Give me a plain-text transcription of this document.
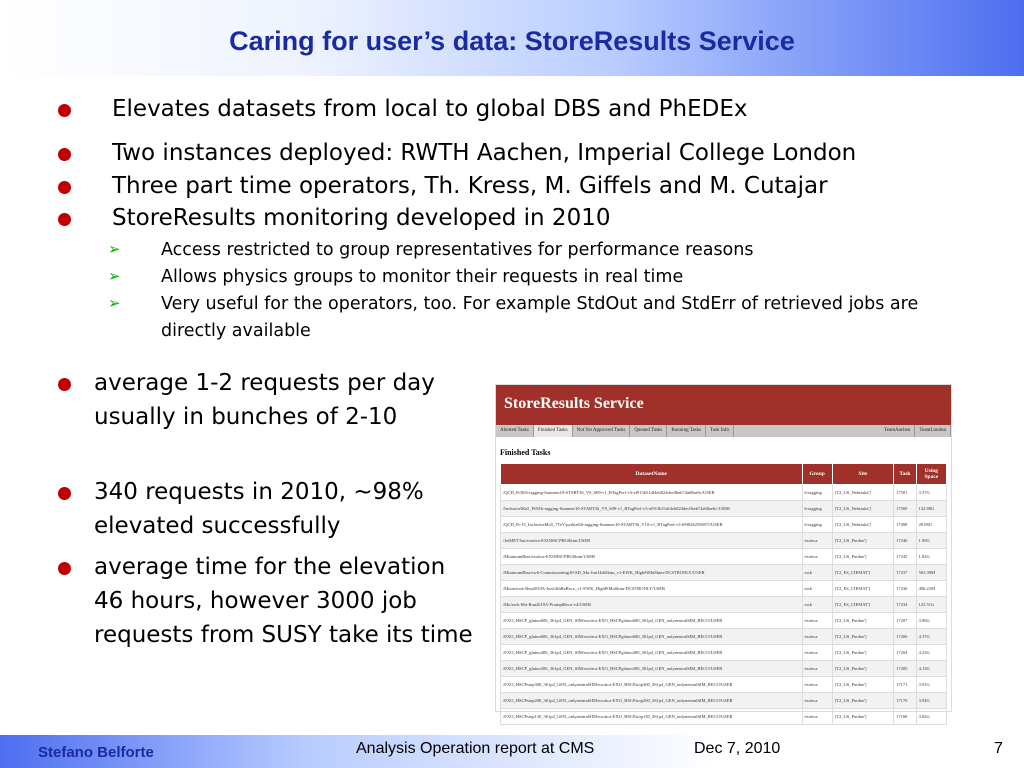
Caring for user’s data: StoreResults Service
Elevates datasets from local to global DBS and PhEDEx
Two instances deployed: RWTH Aachen, Imperial College London
Three part time operators, Th. Kress, M. Giffels and M. Cutajar
StoreResults monitoring developed in 2010
➢ Access restricted to group representatives for performance reasons
➢ Allows physics groups to monitor their requests in real time
➢ Very useful for the operators, too. For example StdOut and StdErr of retrieved jobs are directly available
average 1-2 requests per day usually in bunches of 2-10
340 requests in 2010, ~98% elevated successfully
average time for the elevation 46 hours, however 3000 job requests from SUSY take its time
StoreResults Service
Aborted Tasks	Finished Tasks	Not Yet Approved Tasks	Queued Tasks	Running Tasks	Task Info	TeamAachen	TeamLondon
Finished Tasks
DatasetName	Group	Site	Task	Using Space
/QCD_Pt30/b-tagging-Summer10-START36_V9_S09-v1_BTagPerf-v3-af913b51df4eb824dec0beb74a68ae6c/USER	b-tagging	[T2_US_Nebraska']	17501	3.37G
/InclusiveMu5_Pt50/b-tagging-Summer10-START36_V9_S09-v1_BTagPerf-v3-af913b51df4eb824dec0beb74a68ae6c/USER	b-tagging	[T2_US_Nebraska']	17500	132.88G
/QCD_Pt-15_InclusiveMu5_7TeV-pythia6/b-tagging-Summer10-START36_V10-v1_BTagPerf-v3-69f826259697f/USER	b-tagging	[T2_US_Nebraska']	17498	28.08G
/JetMETTau/exotica-EXOHSCPBGSkim/USER	exotica	[T2_US_Purdue']	17246	1.90G
/MinimumBias/exotica-EXOHSCPBGSkim/USER	exotica	[T2_US_Purdue']	17245	1.82G
/MinimumBias/ewk-Commissioning10-SD_Mu-Jun14thSkim_v1-EWK_HighPtMuSkim-DCSTRONLY/USER	ewk	[T2_ES_CIEMAT']	17237	563.39M
/Muon/ewk-Run2010A-Jun14thReReco_v1-EWK_HighPtMuSkim-DCSTRONLY/USER	ewk	[T2_ES_CIEMAT']	17236	496.22M
/Mu/ewk-Mu-Run2010A-PromptReco-v4/USER	ewk	[T2_ES_CIEMAT']	17234	125.51G
/EXO_HSCP_gluino600_361p4_GEN_SIM/exotica-EXO_HSCPgluino600_361p4_GEN_onlyneutralSIM_RECO/USER	exotica	[T2_US_Purdue']	17207	3.86G
/EXO_HSCP_gluino600_361p4_GEN_SIM/exotica-EXO_HSCPgluino600_361p4_GEN_onlyneutralSIM_RECO/USER	exotica	[T2_US_Purdue']	17206	4.37G
/EXO_HSCP_gluino400_361p4_GEN_SIM/exotica-EXO_HSCPgluino400_361p4_GEN_onlyneutralSIM_RECO/USER	exotica	[T2_US_Purdue']	17204	4.23G
/EXO_HSCP_gluino300_361p4_GEN_SIM/exotica-EXO_HSCPgluino300_361p4_GEN_onlyneutralSIM_RECO/USER	exotica	[T2_US_Purdue']	17205	4.13G
/EXO_HSCPstop300_361p4_GEN_onlyneutralSIM/exotica-EXO_HSCPstop300_361p4_GEN_onlyneutralSIM_RECO/USER	exotica	[T2_US_Purdue']	17171	3.91G
/EXO_HSCPstop200_361p4_GEN_onlyneutralSIM/exotica-EXO_HSCPstop200_361p4_GEN_onlyneutralSIM_RECO/USER	exotica	[T2_US_Purdue']	17170	3.94G
/EXO_HSCPstop130_361p4_GEN_onlyneutralSIM/exotica-EXO_HSCPstop130_361p4_GEN_onlyneutralSIM_RECO/USER	exotica	[T2_US_Purdue']	17168	3.82G
Stefano Belforte	Analysis Operation report at CMS	Dec 7, 2010	7
